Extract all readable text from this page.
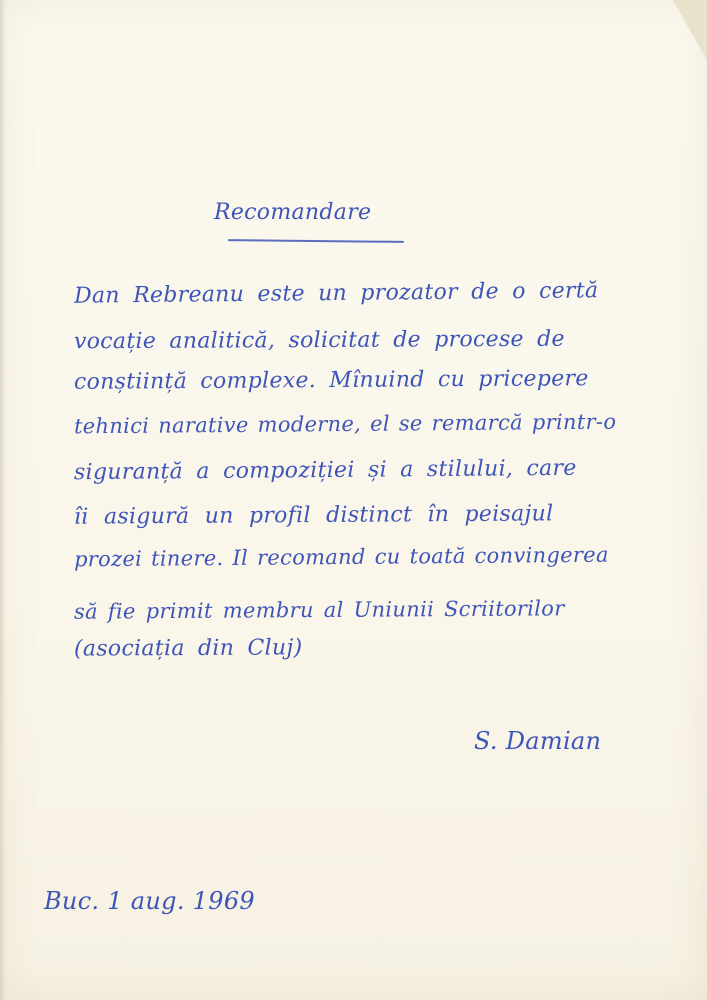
Recomandare
Dan Rebreanu este un prozator de o certă
vocație analitică, solicitat de procese de
conștiință complexe. Mînuind cu pricepere
tehnici narative moderne, el se remarcă printr-o
siguranță a compoziției și a stilului, care
îi asigură un profil distinct în peisajul
prozei tinere. Il recomand cu toată convingerea
să fie primit membru al Uniunii Scriitorilor
(asociația din Cluj)
S. Damian
Buc. 1 aug. 1969
